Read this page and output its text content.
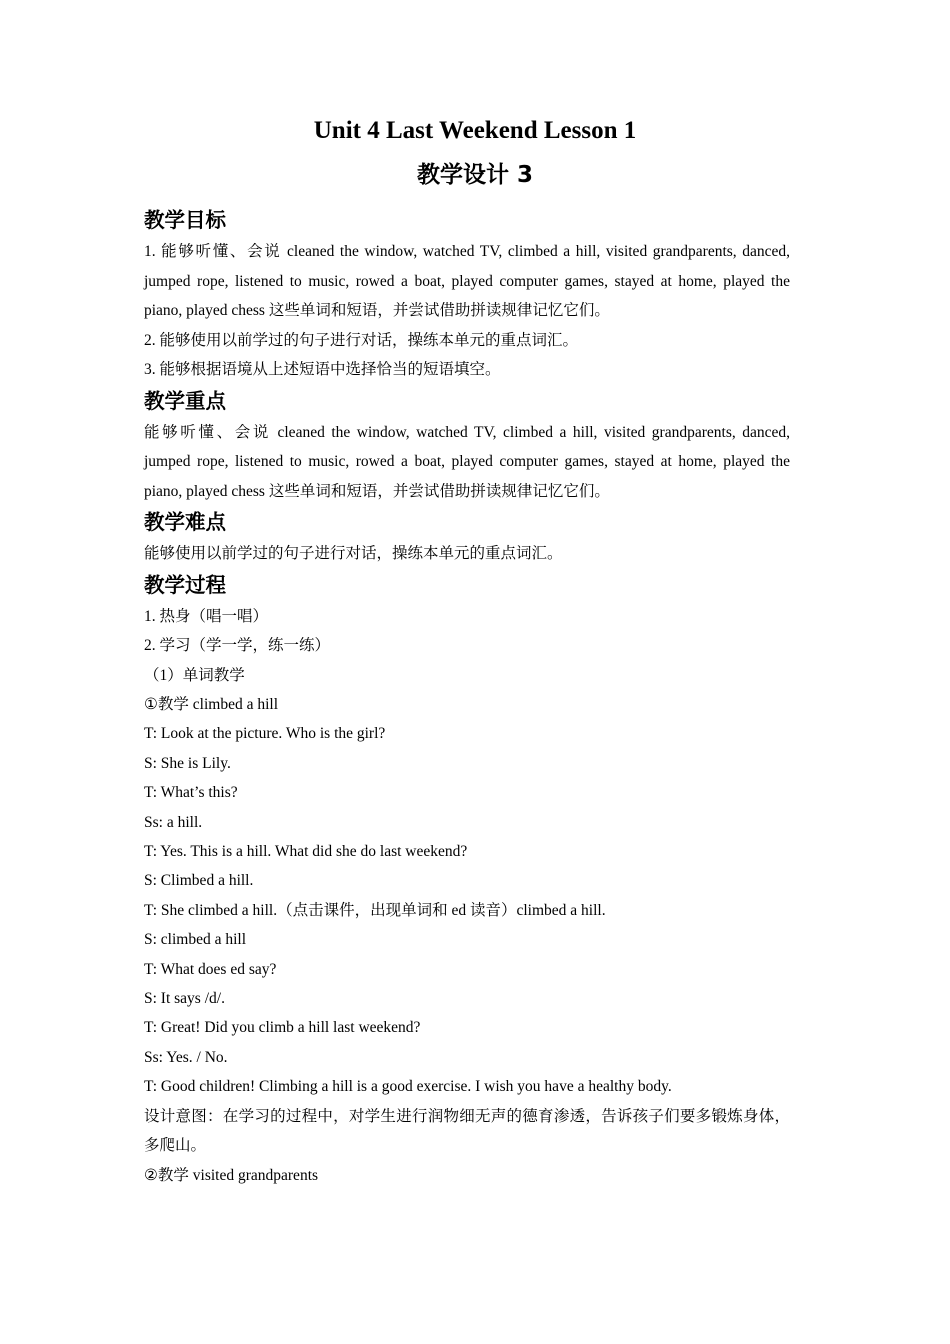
Unit 4 Last Weekend Lesson 1
教学设计 3
教学目标

1. 能够听懂、会说 cleaned the window, watched TV, climbed a hill, visited grandparents, danced, jumped rope, listened to music, rowed a boat, played computer games, stayed at home, played the piano, played chess 这些单词和短语，并尝试借助拼读规律记忆它们。

2. 能够使用以前学过的句子进行对话，操练本单元的重点词汇。

3. 能够根据语境从上述短语中选择恰当的短语填空。

教学重点

能够听懂、会说 cleaned the window, watched TV, climbed a hill, visited grandparents, danced, jumped rope, listened to music, rowed a boat, played computer games, stayed at home, played the piano, played chess 这些单词和短语，并尝试借助拼读规律记忆它们。

教学难点

能够使用以前学过的句子进行对话，操练本单元的重点词汇。

教学过程

1. 热身（唱一唱）

2. 学习（学一学，练一练）

（1）单词教学

①教学 climbed a hill

T: Look at the picture. Who is the girl?

S: She is Lily.

T: What’s this?

Ss: a hill.

T: Yes. This is a hill. What did she do last weekend?

S: Climbed a hill.

T: She climbed a hill.（点击课件，出现单词和 ed 读音）climbed a hill.

S: climbed a hill

T: What does ed say?

S: It says /d/.

T: Great! Did you climb a hill last weekend?

Ss: Yes. / No.

T: Good children! Climbing a hill is a good exercise. I wish you have a healthy body.

设计意图：在学习的过程中，对学生进行润物细无声的德育渗透，告诉孩子们要多锻炼身体，多爬山。

②教学 visited grandparents
